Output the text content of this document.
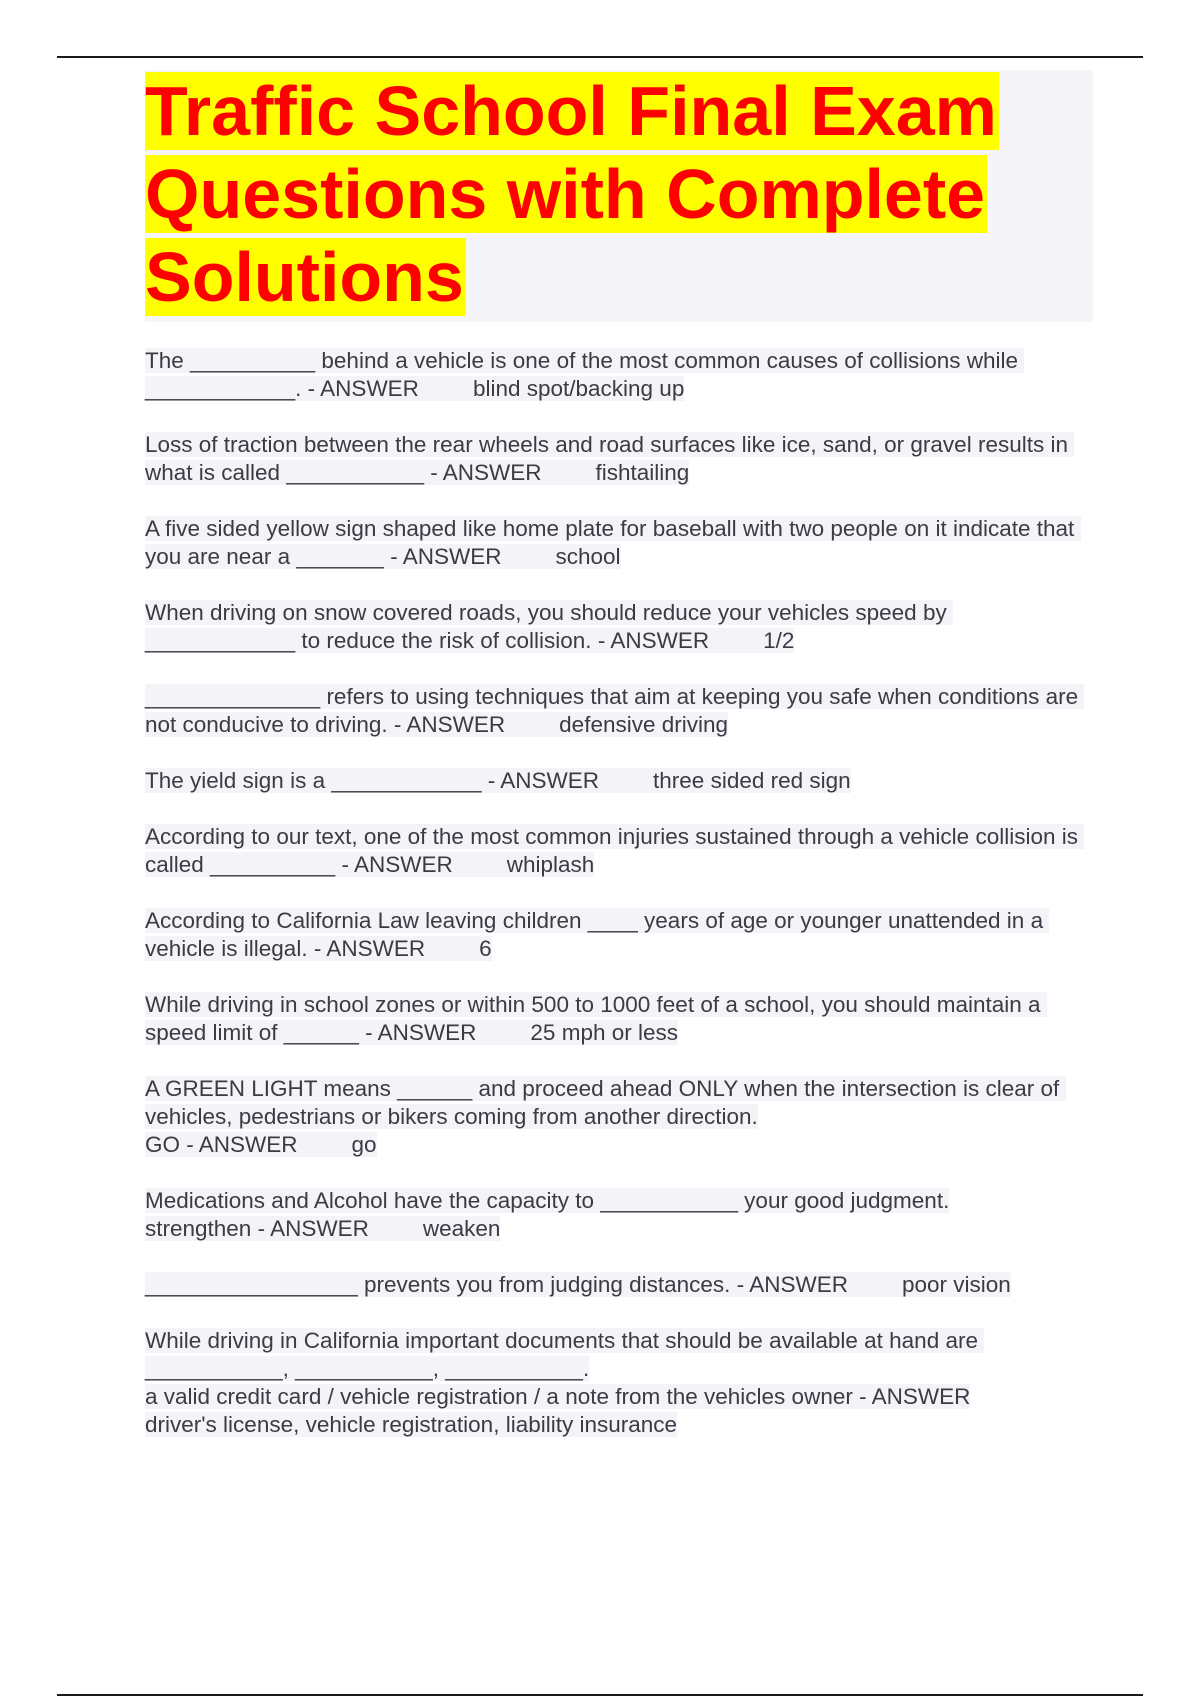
Traffic School Final Exam Questions with Complete Solutions
The __________ behind a vehicle is one of the most common causes of collisions while ____________. - ANSWER blind spot/backing up
Loss of traction between the rear wheels and road surfaces like ice, sand, or gravel results in what is called ___________ - ANSWER fishtailing
A five sided yellow sign shaped like home plate for baseball with two people on it indicate that you are near a _______ - ANSWER school
When driving on snow covered roads, you should reduce your vehicles speed by ____________ to reduce the risk of collision. - ANSWER 1/2
______________ refers to using techniques that aim at keeping you safe when conditions are not conducive to driving. - ANSWER defensive driving
The yield sign is a ____________ - ANSWER three sided red sign
According to our text, one of the most common injuries sustained through a vehicle collision is called __________ - ANSWER whiplash
According to California Law leaving children ____ years of age or younger unattended in a vehicle is illegal. - ANSWER 6
While driving in school zones or within 500 to 1000 feet of a school, you should maintain a speed limit of ______ - ANSWER 25 mph or less
A GREEN LIGHT means ______ and proceed ahead ONLY when the intersection is clear of vehicles, pedestrians or bikers coming from another direction.
GO - ANSWER go
Medications and Alcohol have the capacity to ___________ your good judgment.
strengthen - ANSWER weaken
_________________ prevents you from judging distances. - ANSWER poor vision
While driving in California important documents that should be available at hand are ___________, ___________, ___________.
a valid credit card / vehicle registration / a note from the vehicles owner - ANSWER
driver's license, vehicle registration, liability insurance
